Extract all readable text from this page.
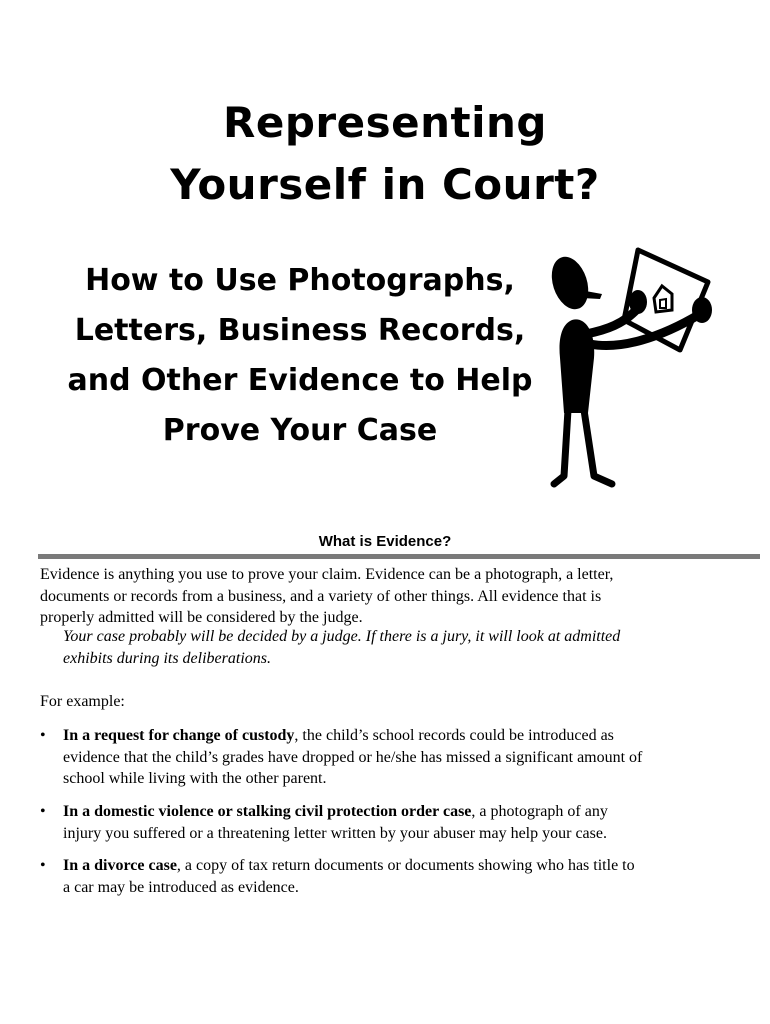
Representing
Yourself in Court?
How to Use Photographs,
Letters, Business Records,
and Other Evidence to Help
Prove Your Case
What is Evidence?
Evidence is anything you use to prove your claim. Evidence can be a photograph, a letter,
documents or records from a business, and a variety of other things. All evidence that is
properly admitted will be considered by the judge.
Your case probably will be decided by a judge. If there is a jury, it will look at admitted
exhibits during its deliberations.
For example:
• In a request for change of custody, the child’s school records could be introduced as
evidence that the child’s grades have dropped or he/she has missed a significant amount of
school while living with the other parent.
• In a domestic violence or stalking civil protection order case, a photograph of any
injury you suffered or a threatening letter written by your abuser may help your case.
• In a divorce case, a copy of tax return documents or documents showing who has title to
a car may be introduced as evidence.
